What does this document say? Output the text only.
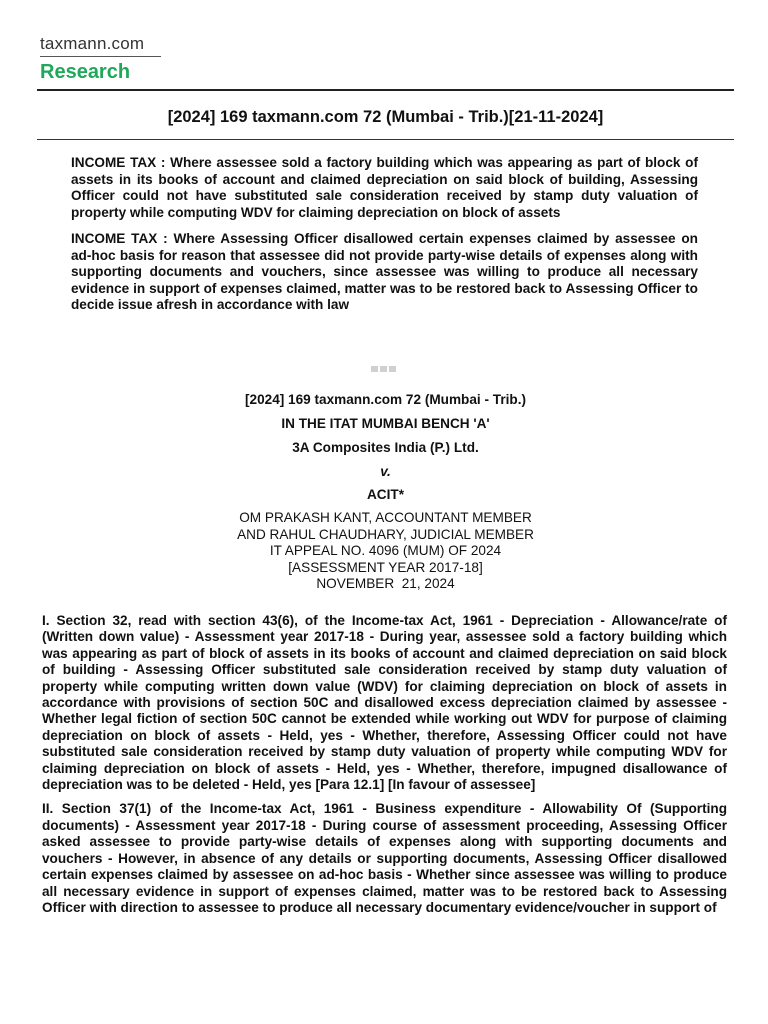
taxmann.com
Research
[2024] 169 taxmann.com 72 (Mumbai - Trib.)[21-11-2024]

INCOME TAX : Where assessee sold a factory building which was appearing as part of block of assets in its books of account and claimed depreciation on said block of building, Assessing Officer could not have substituted sale consideration received by stamp duty valuation of property while computing WDV for claiming depreciation on block of assets

INCOME TAX : Where Assessing Officer disallowed certain expenses claimed by assessee on ad-hoc basis for reason that assessee did not provide party-wise details of expenses along with supporting documents and vouchers, since assessee was willing to produce all necessary evidence in support of expenses claimed, matter was to be restored back to Assessing Officer to decide issue afresh in accordance with law

[2024] 169 taxmann.com 72 (Mumbai - Trib.)
IN THE ITAT MUMBAI BENCH 'A'
3A Composites India (P.) Ltd.
v.
ACIT*
OM PRAKASH KANT, ACCOUNTANT MEMBER
AND RAHUL CHAUDHARY, JUDICIAL MEMBER
IT APPEAL NO. 4096 (MUM) OF 2024
[ASSESSMENT YEAR 2017-18]
NOVEMBER  21, 2024

I. Section 32, read with section 43(6), of the Income-tax Act, 1961 - Depreciation - Allowance/rate of (Written down value) - Assessment year 2017-18 - During year, assessee sold a factory building which was appearing as part of block of assets in its books of account and claimed depreciation on said block of building - Assessing Officer substituted sale consideration received by stamp duty valuation of property while computing written down value (WDV) for claiming depreciation on block of assets in accordance with provisions of section 50C and disallowed excess depreciation claimed by assessee - Whether legal fiction of section 50C cannot be extended while working out WDV for purpose of claiming depreciation on block of assets - Held, yes - Whether, therefore, Assessing Officer could not have substituted sale consideration received by stamp duty valuation of property while computing WDV for claiming depreciation on block of assets - Held, yes - Whether, therefore, impugned disallowance of depreciation was to be deleted - Held, yes [Para 12.1] [In favour of assessee]

II. Section 37(1) of the Income-tax Act, 1961 - Business expenditure - Allowability Of (Supporting documents) - Assessment year 2017-18 - During course of assessment proceeding, Assessing Officer asked assessee to provide party-wise details of expenses along with supporting documents and vouchers - However, in absence of any details or supporting documents, Assessing Officer disallowed certain expenses claimed by assessee on ad-hoc basis - Whether since assessee was willing to produce all necessary evidence in support of expenses claimed, matter was to be restored back to Assessing Officer with direction to assessee to produce all necessary documentary evidence/voucher in support of
